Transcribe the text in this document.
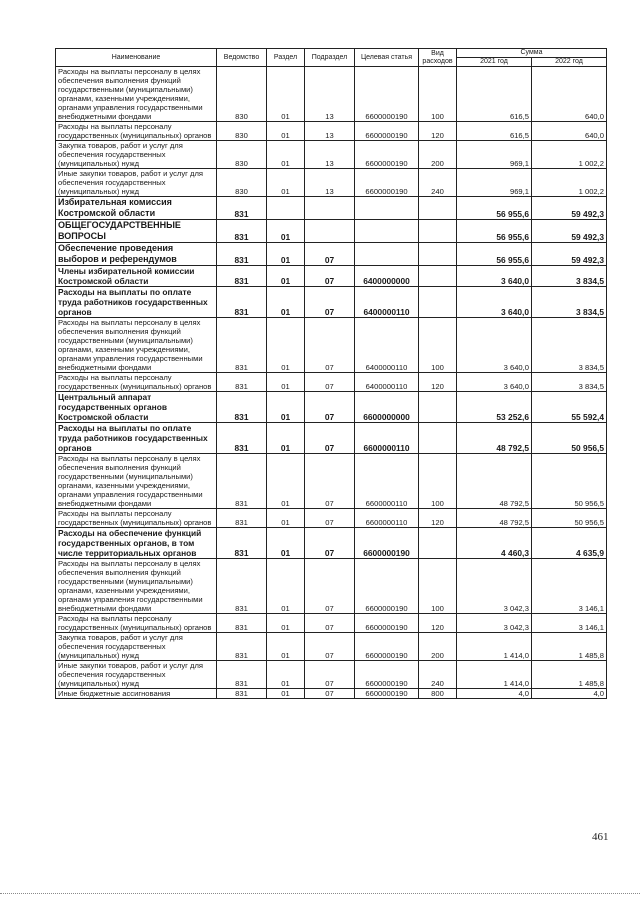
Наименование	Ведомство	Раздел	Подраздел	Целевая статья	Вид расходов	Сумма	
						2021 год	2022 год
Расходы на выплаты персоналу в целях обеспечения выполнения функций государственными (муниципальными) органами, казенными учреждениями, органами управления государственными внебюджетными фондами	830	01	13	6600000190	100	616,5	640,0
Расходы на выплаты персоналу государственных (муниципальных) органов	830	01	13	6600000190	120	616,5	640,0
Закупка товаров, работ и услуг для обеспечения государственных (муниципальных) нужд	830	01	13	6600000190	200	969,1	1 002,2
Иные закупки товаров, работ и услуг для обеспечения государственных (муниципальных) нужд	830	01	13	6600000190	240	969,1	1 002,2
Избирательная комиссия Костромской области	831					56 955,6	59 492,3
ОБЩЕГОСУДАРСТВЕННЫЕ ВОПРОСЫ	831	01				56 955,6	59 492,3
Обеспечение проведения выборов и референдумов	831	01	07			56 955,6	59 492,3
Члены избирательной комиссии Костромской области	831	01	07	6400000000		3 640,0	3 834,5
Расходы на выплаты по оплате труда работников государственных органов	831	01	07	6400000110		3 640,0	3 834,5
Расходы на выплаты персоналу в целях обеспечения выполнения функций государственными (муниципальными) органами, казенными учреждениями, органами управления государственными внебюджетными фондами	831	01	07	6400000110	100	3 640,0	3 834,5
Расходы на выплаты персоналу государственных (муниципальных) органов	831	01	07	6400000110	120	3 640,0	3 834,5
Центральный аппарат государственных органов Костромской области	831	01	07	6600000000		53 252,6	55 592,4
Расходы на выплаты по оплате труда работников государственных органов	831	01	07	6600000110		48 792,5	50 956,5
Расходы на выплаты персоналу в целях обеспечения выполнения функций государственными (муниципальными) органами, казенными учреждениями, органами управления государственными внебюджетными фондами	831	01	07	6600000110	100	48 792,5	50 956,5
Расходы на выплаты персоналу государственных (муниципальных) органов	831	01	07	6600000110	120	48 792,5	50 956,5
Расходы на обеспечение функций государственных органов, в том числе территориальных органов	831	01	07	6600000190		4 460,3	4 635,9
Расходы на выплаты персоналу в целях обеспечения выполнения функций государственными (муниципальными) органами, казенными учреждениями, органами управления государственными внебюджетными фондами	831	01	07	6600000190	100	3 042,3	3 146,1
Расходы на выплаты персоналу государственных (муниципальных) органов	831	01	07	6600000190	120	3 042,3	3 146,1
Закупка товаров, работ и услуг для обеспечения государственных (муниципальных) нужд	831	01	07	6600000190	200	1 414,0	1 485,8
Иные закупки товаров, работ и услуг для обеспечения государственных (муниципальных) нужд	831	01	07	6600000190	240	1 414,0	1 485,8
Иные бюджетные ассигнования	831	01	07	6600000190	800	4,0	4,0
461
